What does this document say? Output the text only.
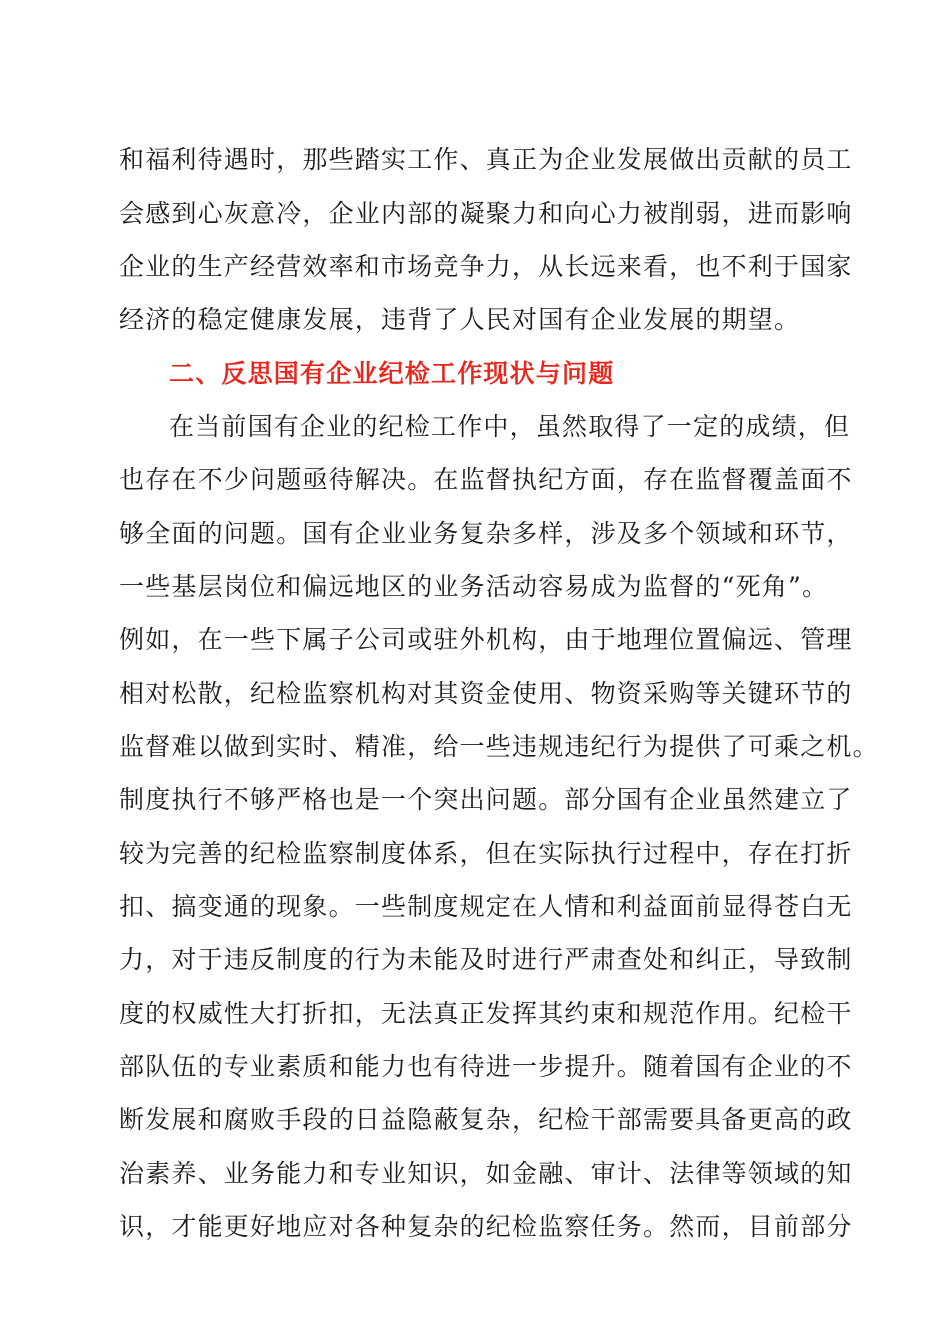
和福利待遇时，那些踏实工作、真正为企业发展做出贡献的员工
会感到心灰意冷，企业内部的凝聚力和向心力被削弱，进而影响
企业的生产经营效率和市场竞争力，从长远来看，也不利于国家
经济的稳定健康发展，违背了人民对国有企业发展的期望。
二、反思国有企业纪检工作现状与问题
在当前国有企业的纪检工作中，虽然取得了一定的成绩，但
也存在不少问题亟待解决。在监督执纪方面，存在监督覆盖面不
够全面的问题。国有企业业务复杂多样，涉及多个领域和环节，
一些基层岗位和偏远地区的业务活动容易成为监督的“死角”。
例如，在一些下属子公司或驻外机构，由于地理位置偏远、管理
相对松散，纪检监察机构对其资金使用、物资采购等关键环节的
监督难以做到实时、精准，给一些违规违纪行为提供了可乘之机。
制度执行不够严格也是一个突出问题。部分国有企业虽然建立了
较为完善的纪检监察制度体系，但在实际执行过程中，存在打折
扣、搞变通的现象。一些制度规定在人情和利益面前显得苍白无
力，对于违反制度的行为未能及时进行严肃查处和纠正，导致制
度的权威性大打折扣，无法真正发挥其约束和规范作用。纪检干
部队伍的专业素质和能力也有待进一步提升。随着国有企业的不
断发展和腐败手段的日益隐蔽复杂，纪检干部需要具备更高的政
治素养、业务能力和专业知识，如金融、审计、法律等领域的知
识，才能更好地应对各种复杂的纪检监察任务。然而，目前部分
